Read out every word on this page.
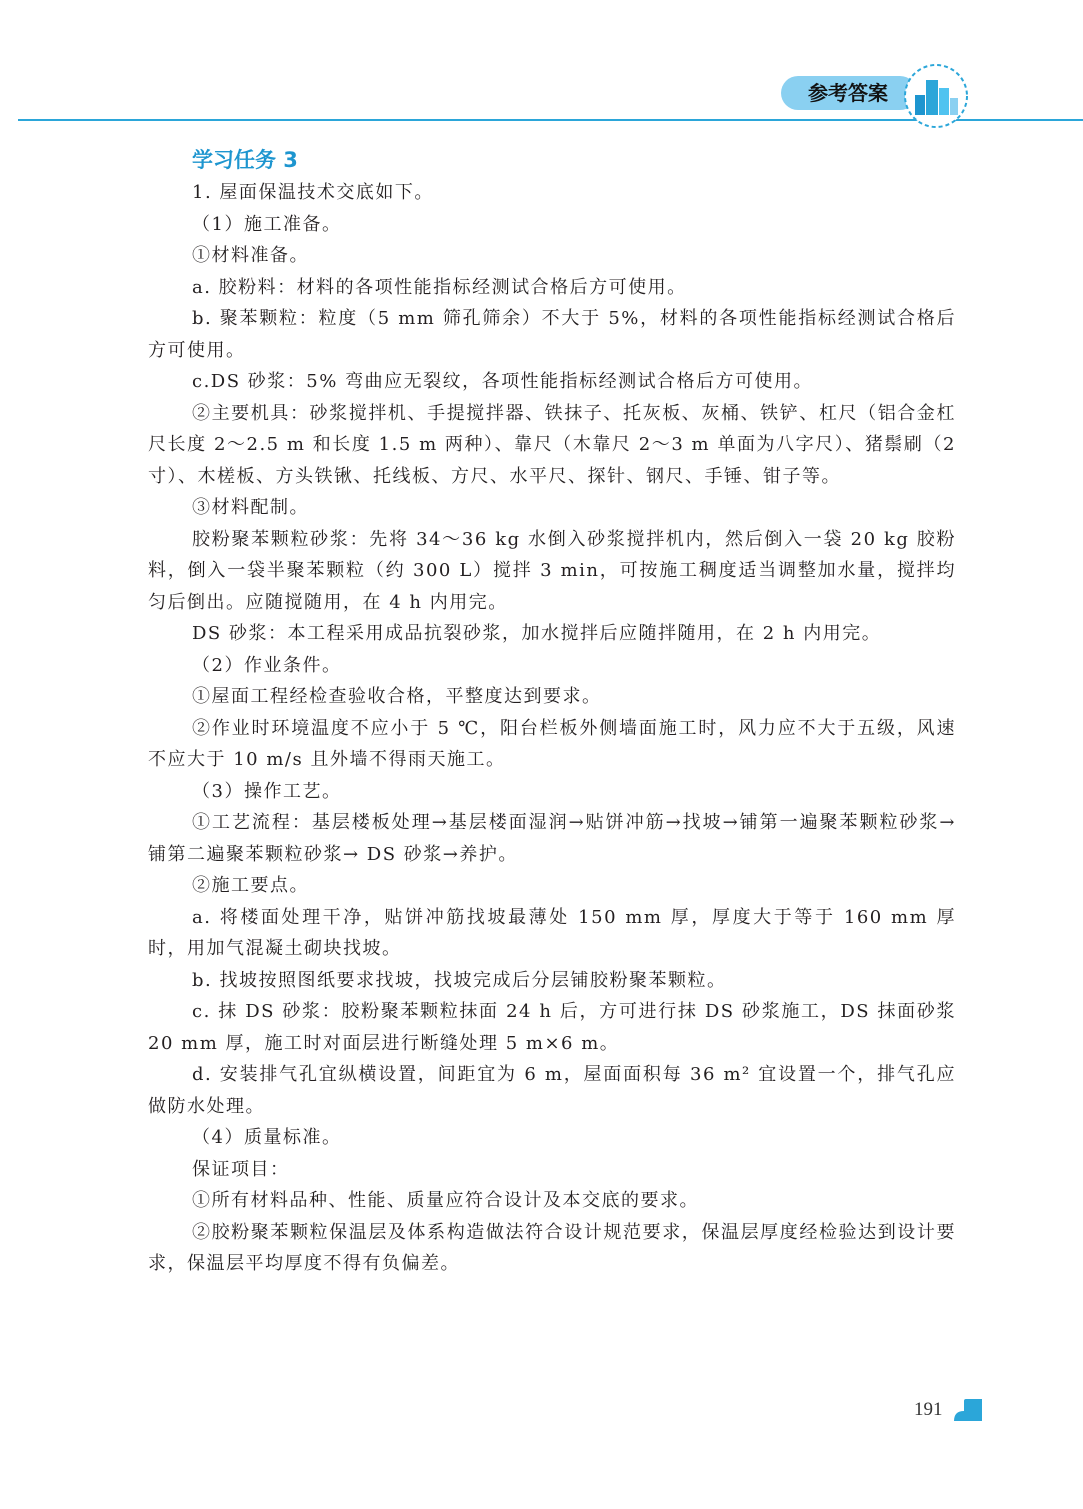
参考答案
学习任务 3

1. 屋面保温技术交底如下。

（1）施工准备。

①材料准备。

a. 胶粉料：材料的各项性能指标经测试合格后方可使用。

b. 聚苯颗粒：粒度（5 mm 筛孔筛余）不大于 5%，材料的各项性能指标经测试合格后方可使用。

c.DS 砂浆：5% 弯曲应无裂纹，各项性能指标经测试合格后方可使用。

②主要机具：砂浆搅拌机、手提搅拌器、铁抹子、托灰板、灰桶、铁铲、杠尺（铝合金杠尺长度 2～2.5 m 和长度 1.5 m 两种）、靠尺（木靠尺 2～3 m 单面为八字尺）、猪鬃刷（2 寸）、木槎板、方头铁锹、托线板、方尺、水平尺、探针、钢尺、手锤、钳子等。

③材料配制。

胶粉聚苯颗粒砂浆：先将 34～36 kg 水倒入砂浆搅拌机内，然后倒入一袋 20 kg 胶粉料，倒入一袋半聚苯颗粒（约 300 L）搅拌 3 min，可按施工稠度适当调整加水量，搅拌均匀后倒出。应随搅随用，在 4 h 内用完。

DS 砂浆：本工程采用成品抗裂砂浆，加水搅拌后应随拌随用，在 2 h 内用完。

（2）作业条件。

①屋面工程经检查验收合格，平整度达到要求。

②作业时环境温度不应小于 5 ℃，阳台栏板外侧墙面施工时，风力应不大于五级，风速不应大于 10 m/s 且外墙不得雨天施工。

（3）操作工艺。

①工艺流程：基层楼板处理→基层楼面湿润→贴饼冲筋→找坡→铺第一遍聚苯颗粒砂浆→铺第二遍聚苯颗粒砂浆→ DS 砂浆→养护。

②施工要点。

a. 将楼面处理干净，贴饼冲筋找坡最薄处 150 mm 厚，厚度大于等于 160 mm 厚时，用加气混凝土砌块找坡。

b. 找坡按照图纸要求找坡，找坡完成后分层铺胶粉聚苯颗粒。

c. 抹 DS 砂浆：胶粉聚苯颗粒抹面 24 h 后，方可进行抹 DS 砂浆施工，DS 抹面砂浆 20 mm 厚，施工时对面层进行断缝处理 5 m×6 m。

d. 安装排气孔宜纵横设置，间距宜为 6 m，屋面面积每 36 m² 宜设置一个，排气孔应做防水处理。

（4）质量标准。

保证项目：

①所有材料品种、性能、质量应符合设计及本交底的要求。

②胶粉聚苯颗粒保温层及体系构造做法符合设计规范要求，保温层厚度经检验达到设计要求，保温层平均厚度不得有负偏差。

191
